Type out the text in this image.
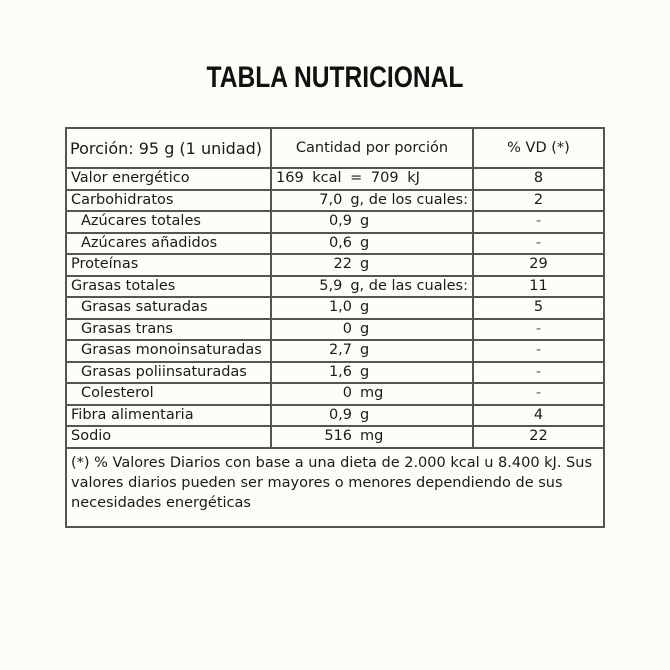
TABLA NUTRICIONAL
Porción: 95 g (1 unidad)	Cantidad por porción	% VD (*)
Valor energético	169 kcal = 709 kJ	8
Carbohidratos	7,0 g, de los cuales:	2
Azúcares totales	0,9 g	-
Azúcares añadidos	0,6 g	-
Proteínas	22 g	29
Grasas totales	5,9 g, de las cuales:	11
Grasas saturadas	1,0 g	5
Grasas trans	0 g	-
Grasas monoinsaturadas	2,7 g	-
Grasas poliinsaturadas	1,6 g	-
Colesterol	0 mg	-
Fibra alimentaria	0,9 g	4
Sodio	516 mg	22
(*) % Valores Diarios con base a una dieta de 2.000 kcal u 8.400 kJ. Sus valores diarios pueden ser mayores o menores dependiendo de sus necesidades energéticas		
